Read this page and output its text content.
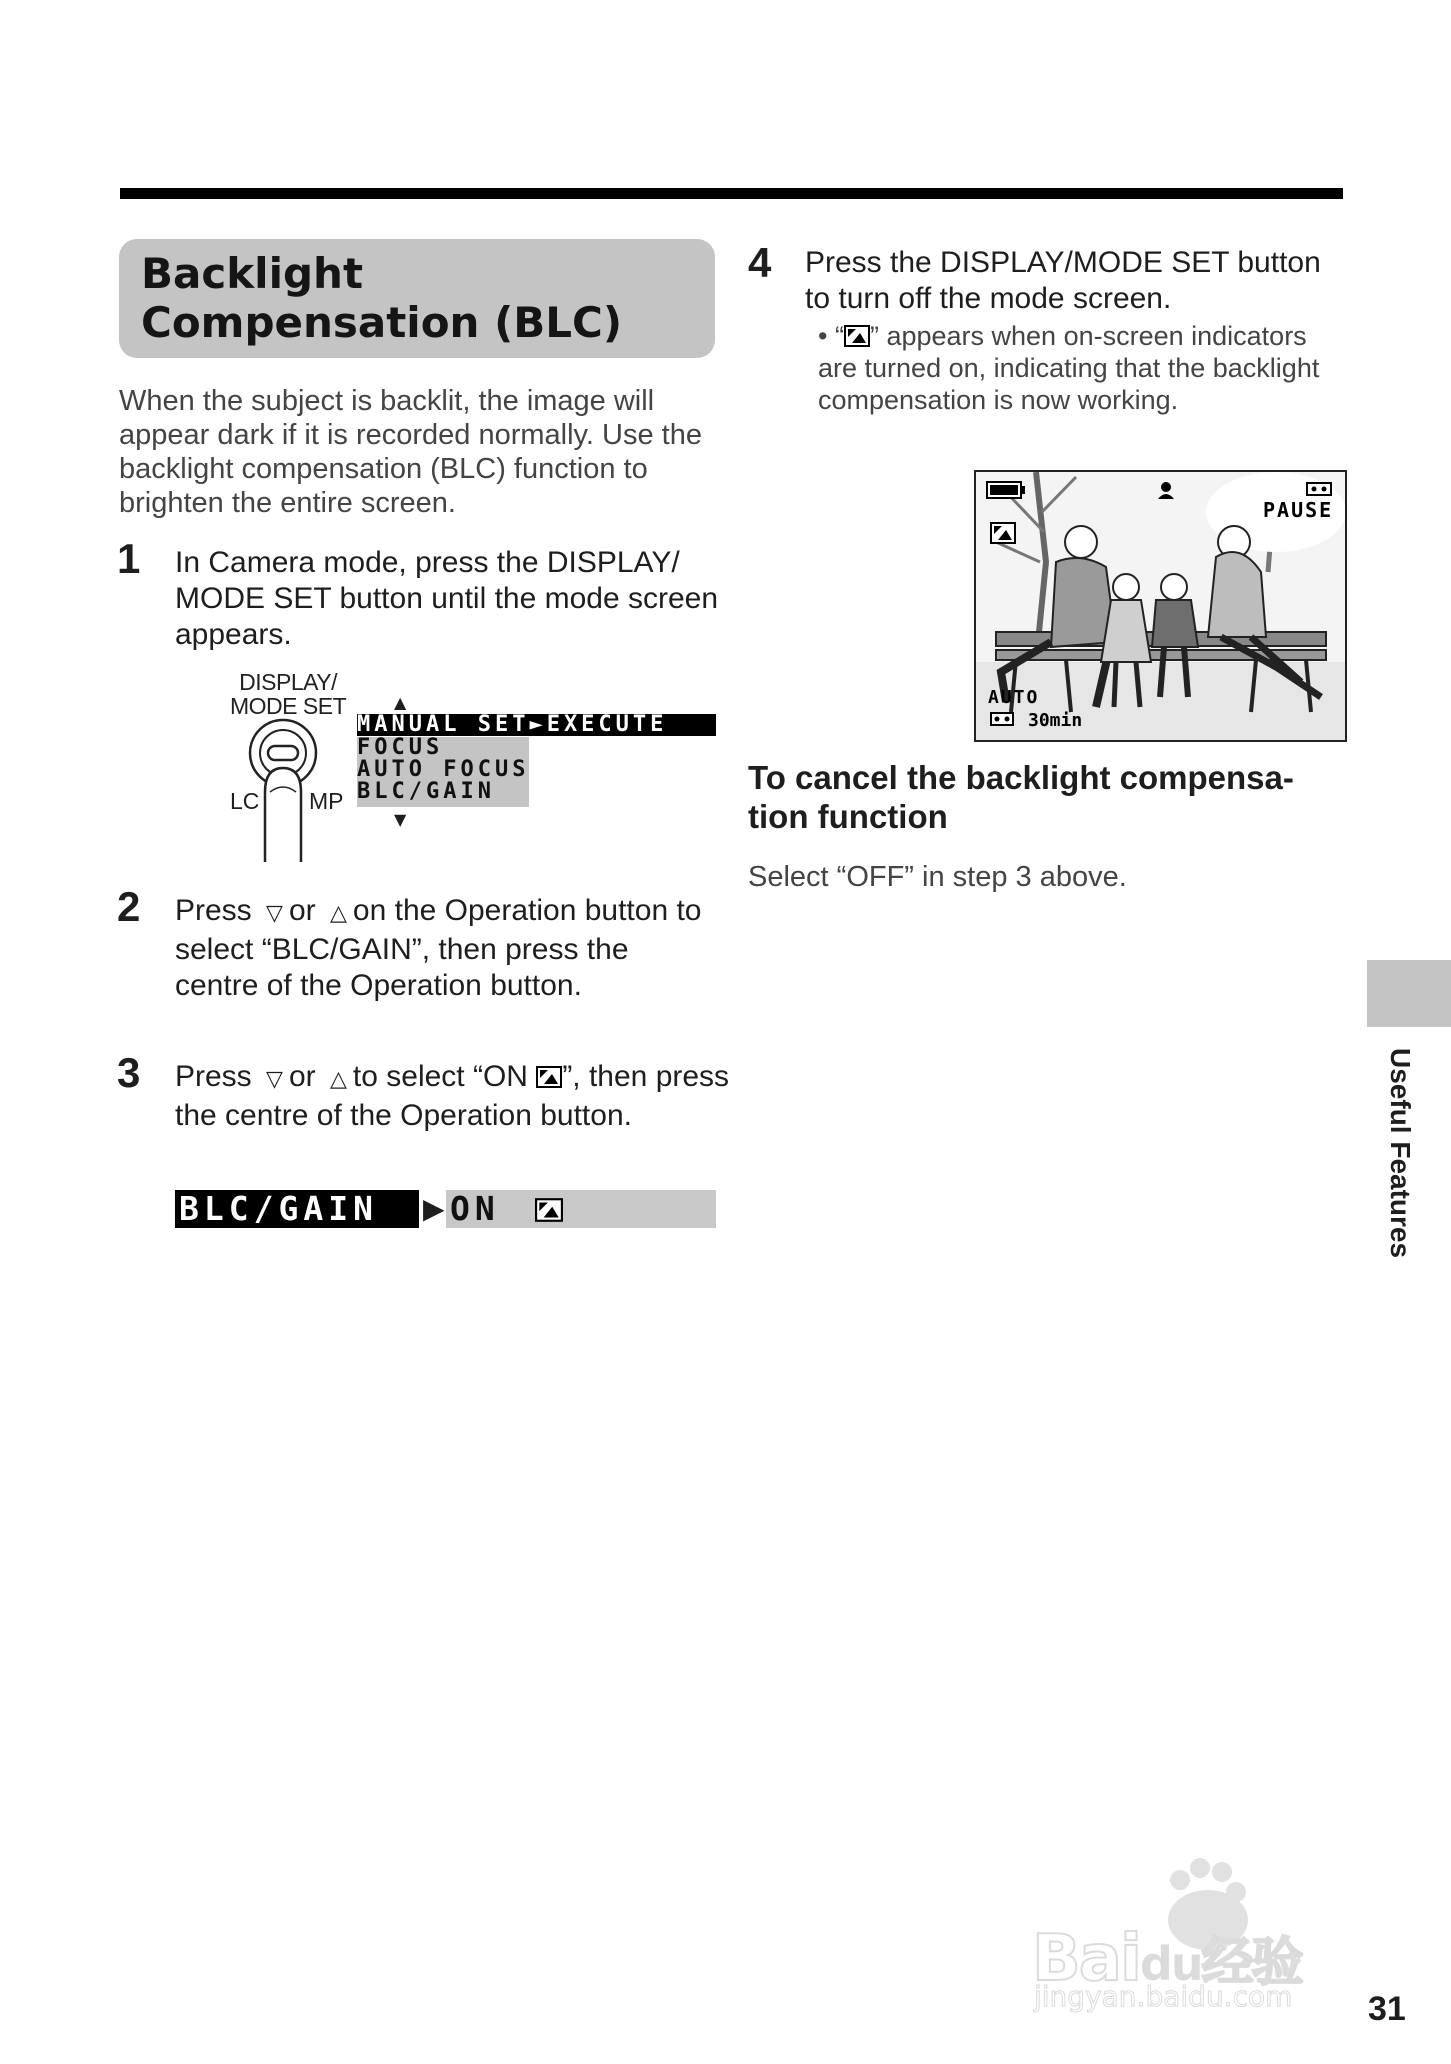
Backlight
Compensation (BLC)
When the subject is backlit, the image will appear dark if it is recorded normally. Use the backlight compensation (BLC) function to brighten the entire screen.
1 In Camera mode, press the DISPLAY/ MODE SET button until the mode screen appears.
DISPLAY/
MODE SET
LC MP
▲
MANUAL SET►EXECUTE
FOCUS
AUTO FOCUS
BLC/GAIN
▼
2 Press ▽ or △ on the Operation button to select “BLC/GAIN”, then press the centre of the Operation button.
3 Press ▽ or △ to select “ON ”, then press the centre of the Operation button.
BLC/GAIN	▶ ON
4 Press the DISPLAY/MODE SET button to turn off the mode screen.
• “ ” appears when on-screen indicators are turned on, indicating that the backlight compensation is now working.
PAUSE
AUTO
30min
To cancel the backlight compensa-
tion function
Select “OFF” in step 3 above.
Useful Features
Baidu经验
jingyan.baidu.com 31
